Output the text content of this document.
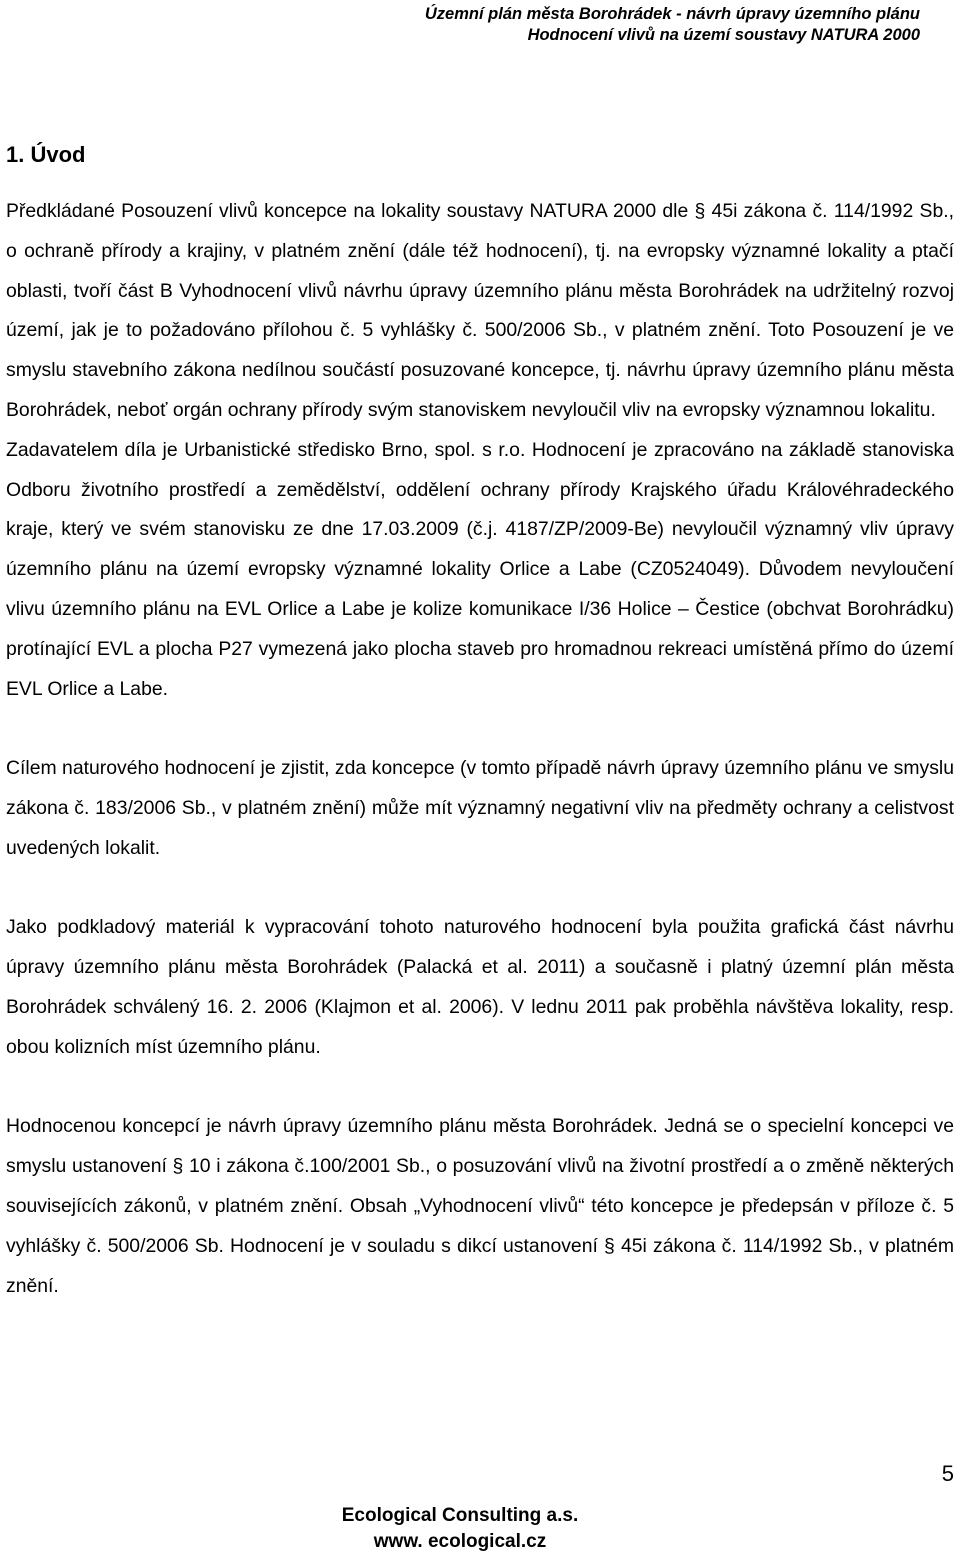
Územní plán města Borohrádek - návrh úpravy územního plánu
Hodnocení vlivů na území soustavy NATURA 2000
1. Úvod

Předkládané Posouzení vlivů koncepce na lokality soustavy NATURA 2000 dle § 45i zákona č. 114/1992 Sb., o ochraně přírody a krajiny, v platném znění (dále též hodnocení), tj. na evropsky významné lokality a ptačí oblasti, tvoří část B Vyhodnocení vlivů návrhu úpravy územního plánu města Borohrádek na udržitelný rozvoj území, jak je to požadováno přílohou č. 5 vyhlášky č. 500/2006 Sb., v platném znění. Toto Posouzení je ve smyslu stavebního zákona nedílnou součástí posuzované koncepce, tj. návrhu úpravy územního plánu města Borohrádek, neboť orgán ochrany přírody svým stanoviskem nevyloučil vliv na evropsky významnou lokalitu.

Zadavatelem díla je Urbanistické středisko Brno, spol. s r.o. Hodnocení je zpracováno na základě stanoviska Odboru životního prostředí a zemědělství, oddělení ochrany přírody Krajského úřadu Královéhradeckého kraje, který ve svém stanovisku ze dne 17.03.2009 (č.j. 4187/ZP/2009-Be) nevyloučil významný vliv úpravy územního plánu na území evropsky významné lokality Orlice a Labe (CZ0524049). Důvodem nevyloučení vlivu územního plánu na EVL Orlice a Labe je kolize komunikace I/36 Holice – Čestice (obchvat Borohrádku) protínající EVL a plocha P27 vymezená jako plocha staveb pro hromadnou rekreaci umístěná přímo do území EVL Orlice a Labe.

Cílem naturového hodnocení je zjistit, zda koncepce (v tomto případě návrh úpravy územního plánu ve smyslu zákona č. 183/2006 Sb., v platném znění) může mít významný negativní vliv na předměty ochrany a celistvost uvedených lokalit.

Jako podkladový materiál k vypracování tohoto naturového hodnocení byla použita grafická část návrhu úpravy územního plánu města Borohrádek (Palacká et al. 2011) a současně i platný územní plán města Borohrádek schválený 16. 2. 2006 (Klajmon et al. 2006). V lednu 2011 pak proběhla návštěva lokality, resp. obou kolizních míst územního plánu.

Hodnocenou koncepcí je návrh úpravy územního plánu města Borohrádek. Jedná se o specielní koncepci ve smyslu ustanovení § 10 i zákona č.100/2001 Sb., o posuzování vlivů na životní prostředí a o změně některých souvisejících zákonů, v platném znění. Obsah „Vyhodnocení vlivů“ této koncepce je předepsán v příloze č. 5 vyhlášky č. 500/2006 Sb. Hodnocení je v souladu s dikcí ustanovení § 45i zákona č. 114/1992 Sb., v platném znění.

Ecological Consulting a.s.
www. ecological.cz
5
